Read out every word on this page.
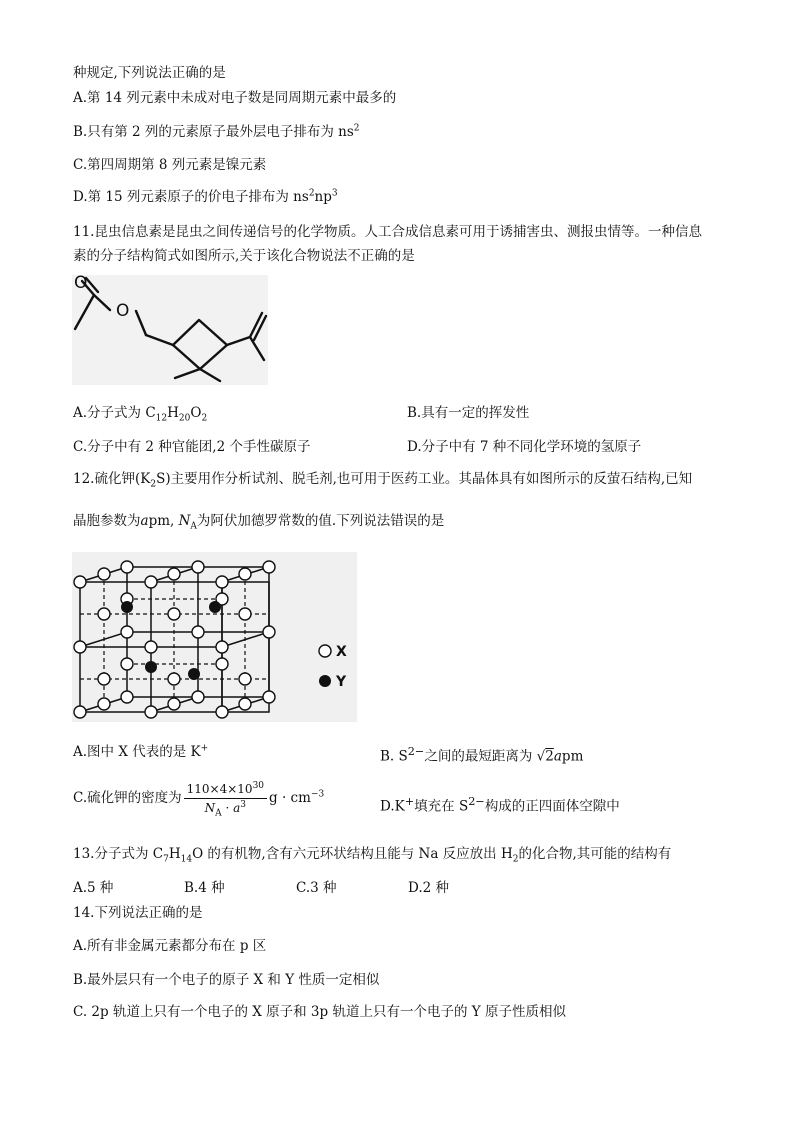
种规定,下列说法正确的是
A.第 14 列元素中未成对电子数是同周期元素中最多的
B.只有第 2 列的元素原子最外层电子排布为 $ns^2$
C.第四周期第 8 列元素是镍元素
D.第 15 列元素原子的价电子排布为 $ns^2np^3$
11.昆虫信息素是昆虫之间传递信号的化学物质。人工合成信息素可用于诱捕害虫、测报虫情等。一种信息
素的分子结构简式如图所示,关于该化合物说法不正确的是
O
O
A.分子式为 $C_{12}H_{20}O_2$	B.具有一定的挥发性
C.分子中有 2 种官能团,2 个手性碳原子	D.分子中有 7 种不同化学环境的氢原子
12.硫化钾$(K_2S)$主要用作分析试剂、脱毛剂,也可用于医药工业。其晶体具有如图所示的反萤石结构,已知
晶胞参数为apm, $N_A$为阿伏加德罗常数的值.下列说法错误的是
X
Y
A.图中 X 代表的是 K+	B. $S^{2-}$之间的最短距离为 √2apm
C.硫化钾的密度为 $\frac{110\times 4\times 10^{30}}{N_A \cdot a^3}$ $g \cdot cm^{-3}$
D.K+填充在 $S^{2-}$构成的正四面体空隙中
13.分子式为 $C_7H_{14}O$ 的有机物,含有六元环状结构且能与 Na 反应放出 $H_2$的化合物,其可能的结构有
A.5 种	B.4 种	C.3 种	D.2 种
14.下列说法正确的是
A.所有非金属元素都分布在 p 区
B.最外层只有一个电子的原子 X 和 Y 性质一定相似
C. 2p 轨道上只有一个电子的 X 原子和 3p 轨道上只有一个电子的 Y 原子性质相似
